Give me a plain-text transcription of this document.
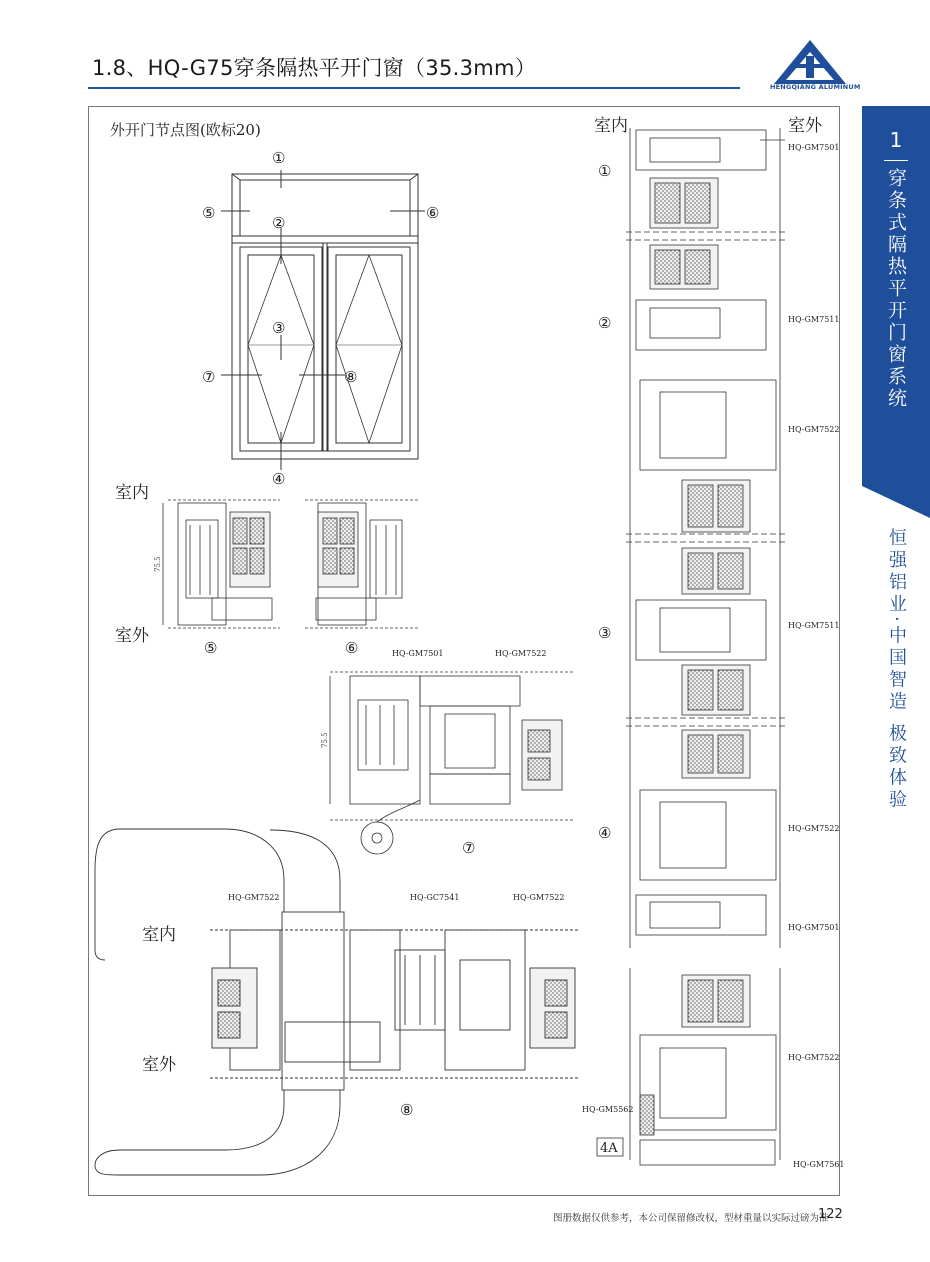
1.8、HQ-G75穿条隔热平开门窗（35.3mm）
HENGQIANG ALUMINUM
1
穿条式隔热平开门窗系统
恒强铝业·中国智造 极致体验
外开门节点图(欧标20)
①
⑤	⑥
②
③
⑦	⑧
④
室内
室外
75.5
⑤	⑥
75.5
HQ-GM7501	HQ-GM7522
⑦
HQ-GM7522	HQ-GC7541	HQ-GM7522
室内
室外
⑧
室内	室外
①
②
③
④
HQ-GM7501
HQ-GM7511
HQ-GM7522
HQ-GM7511
HQ-GM7522
HQ-GM7501
HQ-GM7522
HQ-GM5562
HQ-GM7561
4A
图册数据仅供参考，本公司保留修改权，型材重量以实际过磅为准
122
